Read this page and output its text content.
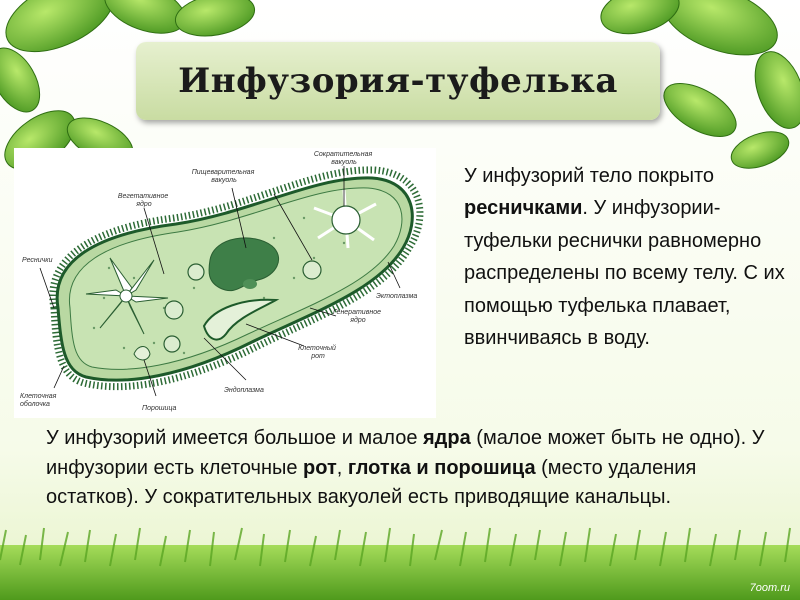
Инфузория-туфелька
Сократительная вакуоль
Пищеварительная вакуоль
Вегетативное ядро
Реснички
Эктоплазма
Генеративное ядро
Клеточный рот
Эндоплазма
Клеточная оболочка
Порошица
У инфузорий тело покрыто ресничками. У инфузории-туфельки реснички равномерно распределены по всему телу. С их помощью туфелька плавает, ввинчиваясь в воду.
У инфузорий имеется большое и малое ядра (малое может быть не одно). У инфузории есть клеточные рот, глотка и порошица (место удаления остатков). У сократительных вакуолей есть приводящие канальцы.
7oom.ru
